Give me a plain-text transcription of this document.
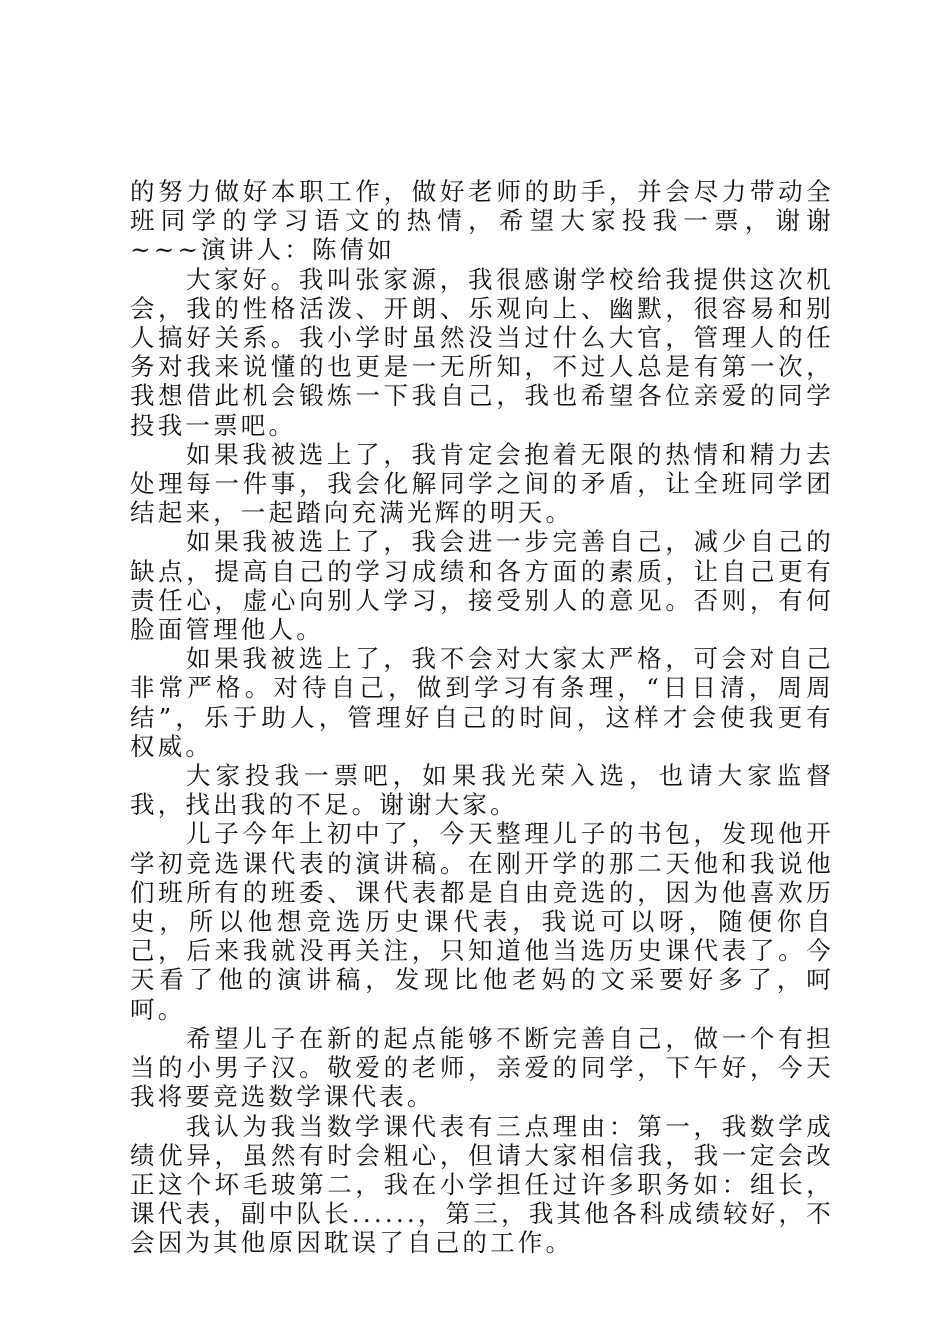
的努力做好本职工作，做好老师的助手，并会尽力带动全班同学的学习语文的热情，希望大家投我一票，谢谢~~~演讲人：陈倩如

大家好。我叫张家源，我很感谢学校给我提供这次机会，我的性格活泼、开朗、乐观向上、幽默，很容易和别人搞好关系。我小学时虽然没当过什么大官，管理人的任务对我来说懂的也更是一无所知，不过人总是有第一次，我想借此机会锻炼一下我自己，我也希望各位亲爱的同学投我一票吧。

如果我被选上了，我肯定会抱着无限的热情和精力去处理每一件事，我会化解同学之间的矛盾，让全班同学团结起来，一起踏向充满光辉的明天。

如果我被选上了，我会进一步完善自己，减少自己的缺点，提高自己的学习成绩和各方面的素质，让自己更有责任心，虚心向别人学习，接受别人的意见。否则，有何脸面管理他人。

如果我被选上了，我不会对大家太严格，可会对自己非常严格。对待自己，做到学习有条理，“日日清，周周结”，乐于助人，管理好自己的时间，这样才会使我更有权威。

大家投我一票吧，如果我光荣入选，也请大家监督我，找出我的不足。谢谢大家。

儿子今年上初中了，今天整理儿子的书包，发现他开学初竞选课代表的演讲稿。在刚开学的那二天他和我说他们班所有的班委、课代表都是自由竞选的，因为他喜欢历史，所以他想竞选历史课代表，我说可以呀，随便你自己，后来我就没再关注，只知道他当选历史课代表了。今天看了他的演讲稿，发现比他老妈的文采要好多了，呵呵。

希望儿子在新的起点能够不断完善自己，做一个有担当的小男子汉。敬爱的老师，亲爱的同学，下午好，今天我将要竞选数学课代表。

我认为我当数学课代表有三点理由：第一，我数学成绩优异，虽然有时会粗心，但请大家相信我，我一定会改正这个坏毛玻第二，我在小学担任过许多职务如：组长，课代表，副中队长......，第三，我其他各科成绩较好，不会因为其他原因耽误了自己的工作。
